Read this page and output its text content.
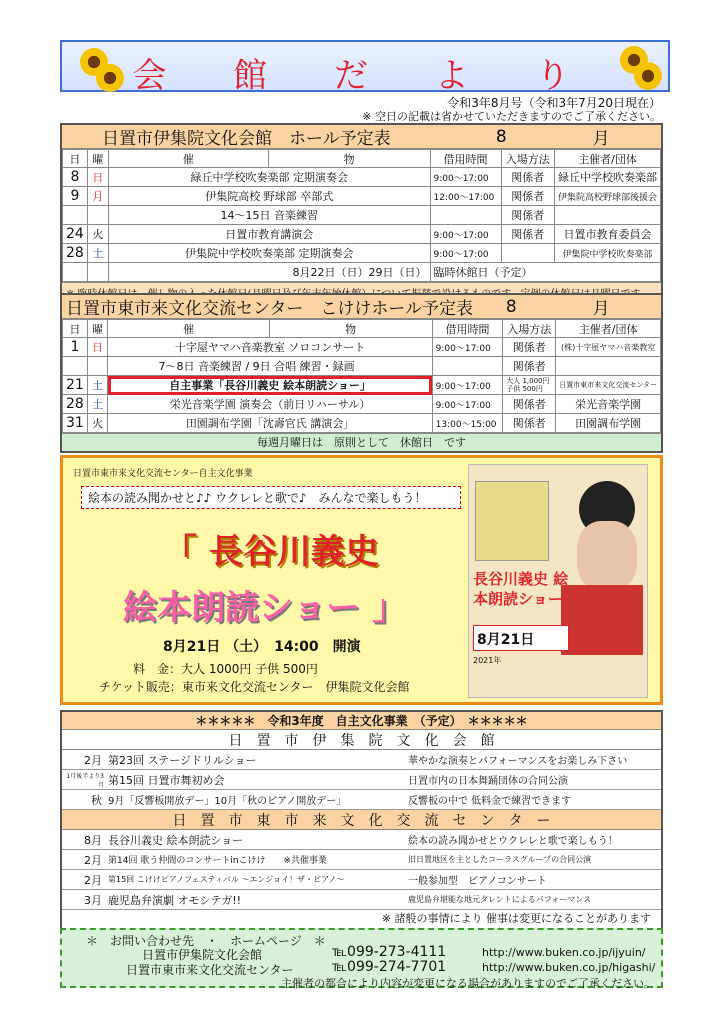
会 館 だ よ り
令和3年8月号（令和3年7月20日現在）
※ 空日の記載は省かせていただきますのでご了承ください。
日置市伊集院文化会館　ホール予定表	8	月
日	曜	催	物	借用時間	入場方法	主催者/団体
8	日	緑丘中学校吹奏楽部 定期演奏会		9:00〜17:00	関係者	緑丘中学校吹奏楽部
9	月	伊集院高校 野球部 卒部式		12:00〜17:00	関係者	伊集院高校野球部後援会
		14〜15日 音楽練習			関係者	
24	火	日置市教育講演会		9:00〜17:00	関係者	日置市教育委員会
28	土	伊集院中学校吹奏楽部 定期演奏会		9:00〜17:00		伊集院中学校吹奏楽部
		8月22日（日）29日（日）		臨時休館日（予定）		
日置市東市来文化交流センター　こけけホール予定表	8	月
日	曜	催	物	借用時間	入場方法	主催者/団体
1	日	十字屋ヤマハ音楽教室 ソロコンサート		9:00〜17:00	関係者	(株)十字屋ヤマハ音楽教室
		7〜8日 音楽練習 / 9日 合唱 練習・録画			関係者	
21	土	自主事業「長谷川義史 絵本朗読ショー」		9:00〜17:00	大人 1,000円 子供 500円	日置市東市来文化交流センター
28	土	栄光音楽学園 演奏会（前日リハーサル）		9:00〜17:00	関係者	栄光音楽学園
31	火	田園調布学園「沈壽官氏 講演会」		13:00〜15:00	関係者	田園調布学園
毎週月曜日は　原則として　休館日　です
日置市東市来文化交流センター自主文化事業
絵本の読み聞かせと♪♪ ウクレレと歌で♪　みんなで楽しもう！
「 長谷川義史
絵本朗読ショー 」
8月21日 （土）　14:00　開演
料　金：大人 1000円 子供 500円
チケット販売：東市来文化交流センター　伊集院文化会館
長谷川義史 絵本朗読ショー
8月21日
2021年
＊＊＊＊＊　令和3年度　自主文化事業　（予定）　＊＊＊＊＊
日　置　市　伊　集　院　文　化　会　館
2月 第23回 ステージドリルショー	華やかな演奏とパフォーマンスをお楽しみ下さい
1月後半より3月 第15回 日置市舞初め会	日置市内の日本舞踊団体の合同公演
秋 9月「反響板開放デー」10月「秋のピアノ開放デー」	反響板の中で 低料金で練習できます
日　置　市　東　市　来　文　化　交　流　セ　ン　タ　ー
8月 長谷川義史 絵本朗読ショー	絵本の読み聞かせとウクレレと歌で楽しもう！
2月 第14回 歌う仲間のコンサートinこけけ　　※共催事業	旧日置地区を主としたコーラスグループの合同公演
2月 第15回 こけけピアノフェスティバル 〜エンジョイ！ザ・ピアノ〜	一般参加型　ピアノコンサート
3月 鹿児島弁演劇 オモシテガ!!	鹿児島弁堪能な地元タレントによるパフォーマンス
※ 諸般の事情により 催事は変更になることがあります
＊　お問い合わせ先　・　ホームページ　＊
日置市伊集院文化会館	℡099-273-4111	http://www.buken.co.jp/ijyuin/
日置市東市来文化交流センター	℡099-274-7701	http://www.buken.co.jp/higashi/
主催者の都合により内容が変更になる場合がありますのでご了承ください。
